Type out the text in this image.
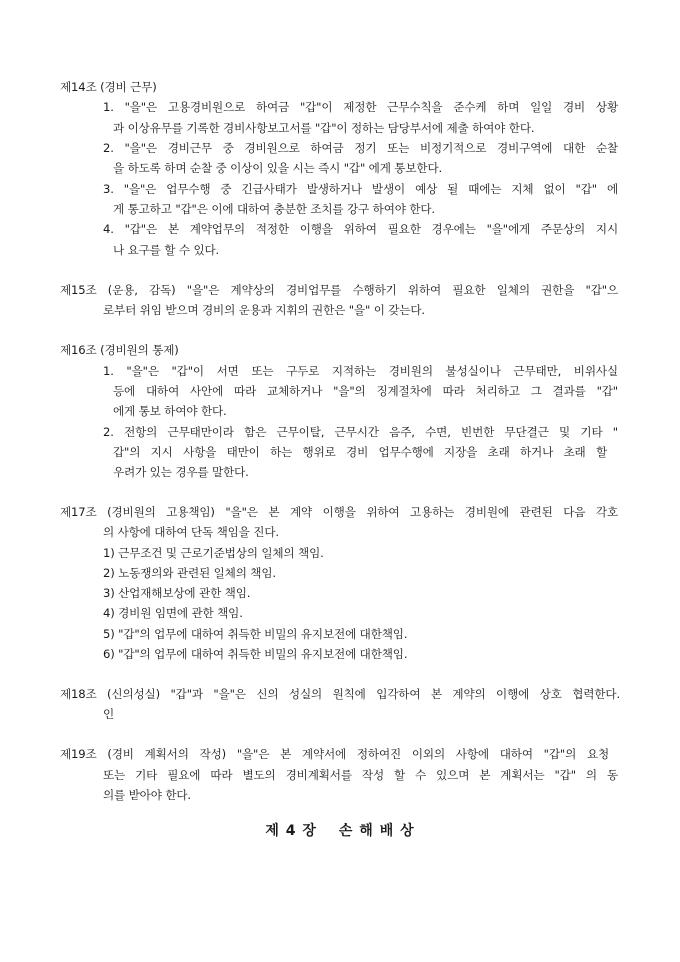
제14조 (경비 근무)
1. "을"은 고용경비원으로 하여금 "갑"이 제정한 근무수칙을 준수케 하며 일일 경비 상황
과 이상유무를 기록한 경비사항보고서를 "갑"이 정하는 담당부서에 제출 하여야 한다.
2. "을"은 경비근무 중 경비원으로 하여금 정기 또는 비정기적으로 경비구역에 대한 순찰
을 하도록 하며 순찰 중 이상이 있을 시는 즉시 "갑" 에게 통보한다.
3. "을"은 업무수행 중 긴급사태가 발생하거나 발생이 예상 될 때에는 지체 없이 "갑" 에
게 통고하고 "갑"은 이에 대하여 충분한 조치를 강구 하여야 한다.
4. "갑"은 본 계약업무의 적정한 이행을 위하여 필요한 경우에는 "을"에게 주문상의 지시
나 요구를 할 수 있다.
제15조 (운용, 감독) "을"은 계약상의 경비업무를 수행하기 위하여 필요한 일체의 권한을 "갑"으
로부터 위임 받으며 경비의 운용과 지휘의 권한은 "을" 이 갖는다.
제16조 (경비원의 통제)
1. "을"은 "갑"이 서면 또는 구두로 지적하는 경비원의 불성실이나 근무태만, 비위사실
등에 대하여 사안에 따라 교체하거나 "을"의 징계절차에 따라 처리하고 그 결과를 "갑"
에게 통보 하여야 한다.
2. 전항의 근무태만이라 함은 근무이탈, 근무시간 음주, 수면, 빈번한 무단결근 및 기타 "
갑"의 지시 사항을 태만이 하는 행위로 경비 업무수행에 지장을 초래 하거나 초래 할
우려가 있는 경우를 말한다.
제17조 (경비원의 고용책임) "을"은 본 계약 이행을 위하여 고용하는 경비원에 관련된 다음 각호
의 사항에 대하여 단독 책임을 진다.
1) 근무조건 및 근로기준법상의 일체의 책임.
2) 노동쟁의와 관련된 일체의 책임.
3) 산업재해보상에 관한 책임.
4) 경비원 임면에 관한 책임.
5) "갑"의 업무에 대하여 취득한 비밀의 유지보전에 대한책임.
6) "갑"의 업무에 대하여 취득한 비밀의 유지보전에 대한책임.
제18조 (신의성실) "갑"과 "을"은 신의 성실의 원칙에 입각하여 본 계약의 이행에 상호 협력한다.
인
제19조 (경비 계획서의 작성) "을"은 본 계약서에 정하여진 이외의 사항에 대하여 "갑"의 요청
또는 기타 필요에 따라 별도의 경비계획서를 작성 할 수 있으며 본 계획서는 "갑" 의 동
의를 받아야 한다.
제 4 장 손 해 배 상
